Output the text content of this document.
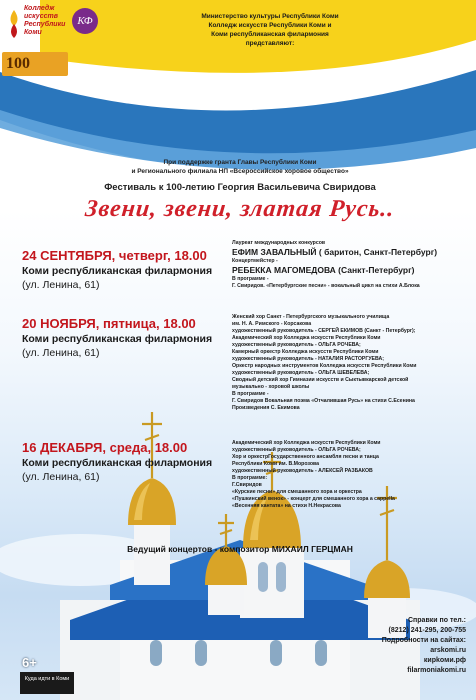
Колледж искусств Республики Коми
КФ
100
Министерство культуры Республики Коми
Колледж искусств Республики Коми и
Коми республиканская филармония
представляют:
При поддержке гранта Главы Республики Коми
и Регионального филиала НП «Всероссийское хоровое общество»
Фестиваль к 100-летию Георгия Васильевича Свиридова
Звени, звени, златая Русь..
24 СЕНТЯБРЯ, четверг, 18.00
Коми республиканская филармония
(ул. Ленина, 61)
20 НОЯБРЯ, пятница, 18.00
Коми республиканская филармония
(ул. Ленина, 61)
16 ДЕКАБРЯ, среда, 18.00
Коми республиканская филармония
(ул. Ленина, 61)

Лауреат международных конкурсов

ЕФИМ ЗАВАЛЬНЫЙ ( баритон, Санкт-Петербург)

Концертмейстер -

РЕБЕККА МАГОМЕДОВА (Санкт-Петербург)

В программе -

Г. Свиридов. «Петербургские песни» - вокальный цикл на стихи А.Блока

Женский хор Санкт - Петербургского музыкального училища

им. Н. А. Римского - Корсакова

художественный руководитель - СЕРГЕЙ ЕКИМОВ (Санкт - Петербург);

Академический хор Колледжа искусств Республики Коми

художественный руководитель - ОЛЬГА РОЧЕВА;

Камерный оркестр Колледжа искусств Республики Коми

художественный руководитель - НАТАЛИЯ РАСТОРГУЕВА;

Оркестр народных инструментов Колледжа искусств Республики Коми

художественный руководитель - ОЛЬГА ШЕВЕЛЕВА;

Сводный детский хор Гимназии искусств и Сыктывкарской детской

музыкально - хоровой школы

В программе -

Г. Свиридов Вокальная поэма «Отчалившая Русь» на стихи С.Есенина

Произведения С. Екимова

Академический хор Колледжа искусств Республики Коми

художественный руководитель - ОЛЬГА РОЧЕВА;

Хор и оркестрГосударственного ансамбля песни и танца

Республики Коми им. В.Морозова

художественный руководитель - АЛЕКСЕЙ РАЗБАКОВ

В программе:

Г.Свиридов

«Курские песни» для смешанного хора и оркестра

«Пушкинский венок» - концерт для смешанного хора a cappella

«Весенняя кантата» на стихи Н.Некрасова

Ведущий концертов - композитор МИХАИЛ ГЕРЦМАН
Справки по тел.:
(8212) 241-295, 200-755
Подробности на сайтах:
arskomi.ru
кирkoми.рф
filarmoniakomi.ru
6+
Куда идти в Коми
